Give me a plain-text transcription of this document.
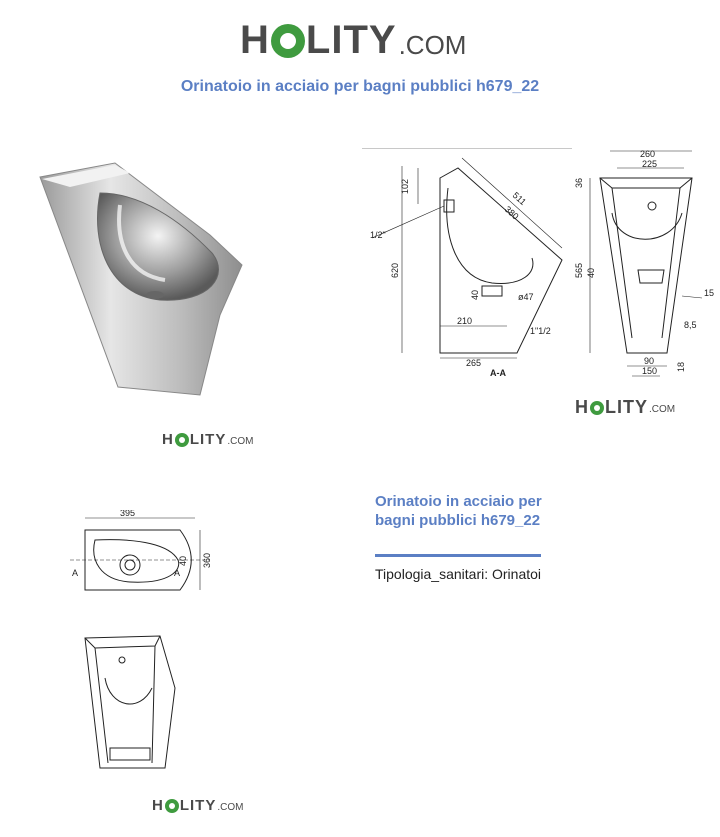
H LITY .COM
Orinatoio in acciaio per bagni pubblici h679_22
H LITY .COM
102
1/2"
620
511
380
40	ø47
210
1"1/2
265
A-A
260
225
36
565 40
15
8,5
90
150 18
H LITY .COM
395
360
40
A	A
H LITY .COM
Orinatoio in acciaio per bagni pubblici h679_22
Tipologia_sanitari: Orinatoi
